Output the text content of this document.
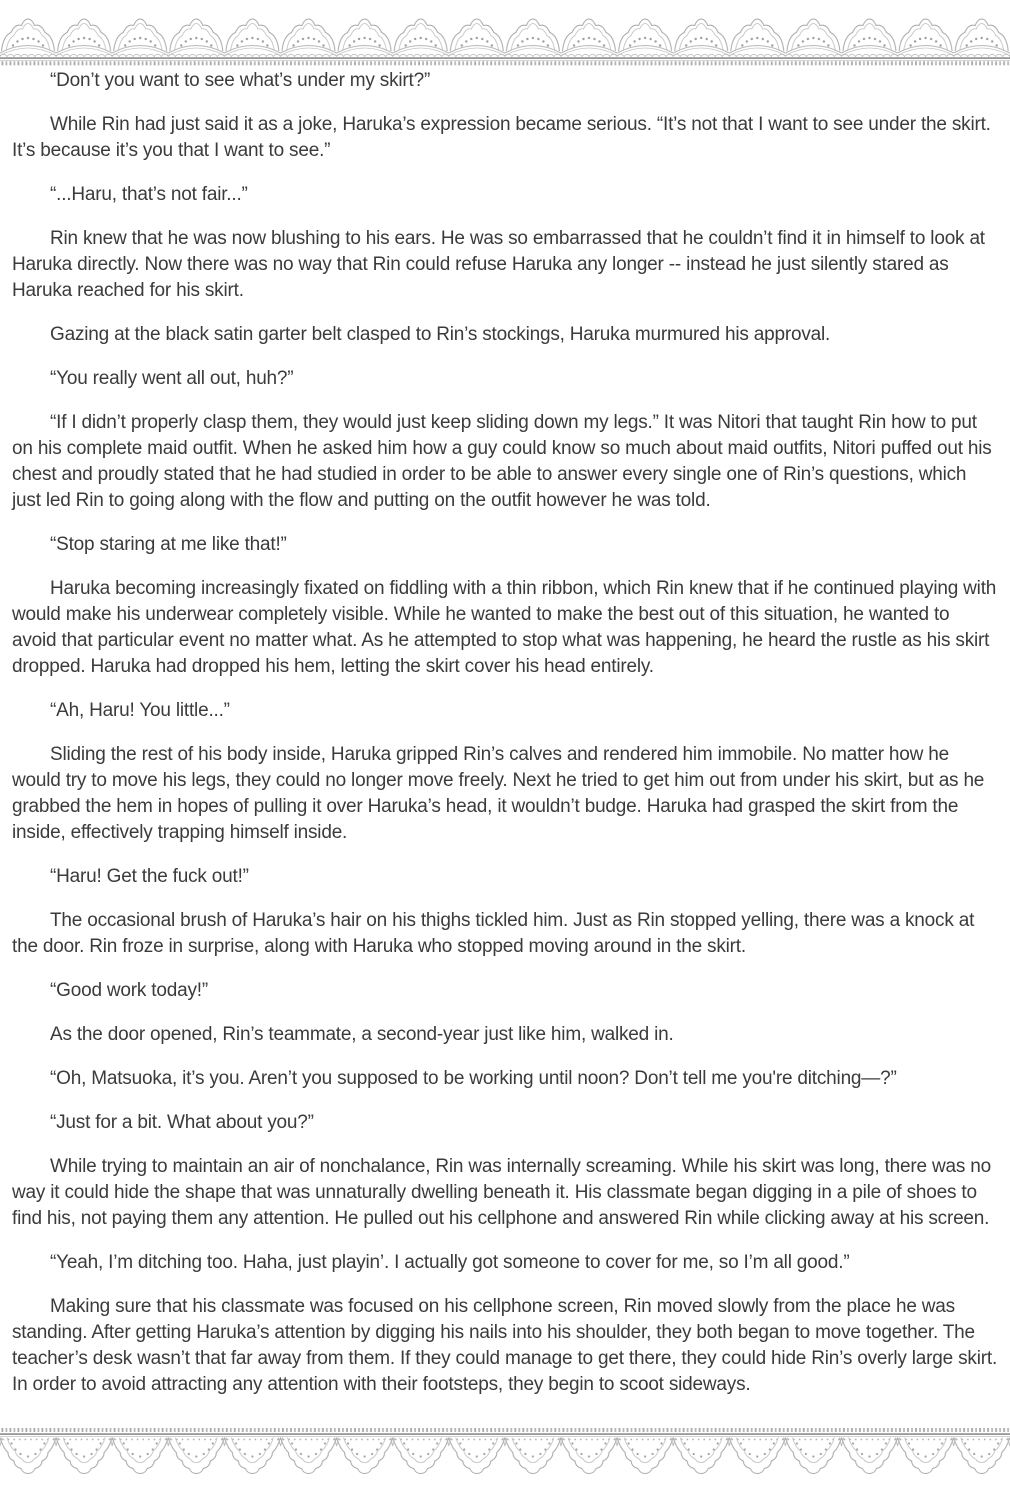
“Don’t you want to see what’s under my skirt?”

While Rin had just said it as a joke, Haruka’s expression became serious. “It’s not that I want to see under the skirt. It’s because it’s you that I want to see.”

“...Haru, that’s not fair...”

Rin knew that he was now blushing to his ears. He was so embarrassed that he couldn’t find it in himself to look at Haruka directly. Now there was no way that Rin could refuse Haruka any longer -- instead he just silently stared as Haruka reached for his skirt.

Gazing at the black satin garter belt clasped to Rin’s stockings, Haruka murmured his approval.

“You really went all out, huh?”

“If I didn’t properly clasp them, they would just keep sliding down my legs.” It was Nitori that taught Rin how to put on his complete maid outfit. When he asked him how a guy could know so much about maid outfits, Nitori puffed out his chest and proudly stated that he had studied in order to be able to answer every single one of Rin’s questions, which just led Rin to going along with the flow and putting on the outfit however he was told.

“Stop staring at me like that!”

Haruka becoming increasingly fixated on fiddling with a thin ribbon, which Rin knew that if he continued playing with would make his underwear completely visible. While he wanted to make the best out of this situation, he wanted to avoid that particular event no matter what. As he attempted to stop what was happening, he heard the rustle as his skirt dropped. Haruka had dropped his hem, letting the skirt cover his head entirely.

“Ah, Haru! You little...”

Sliding the rest of his body inside, Haruka gripped Rin’s calves and rendered him immobile. No matter how he would try to move his legs, they could no longer move freely. Next he tried to get him out from under his skirt, but as he grabbed the hem in hopes of pulling it over Haruka’s head, it wouldn’t budge. Haruka had grasped the skirt from the inside, effectively trapping himself inside.

“Haru! Get the fuck out!”

The occasional brush of Haruka’s hair on his thighs tickled him. Just as Rin stopped yelling, there was a knock at the door. Rin froze in surprise, along with Haruka who stopped moving around in the skirt.

“Good work today!”

As the door opened, Rin’s teammate, a second-year just like him, walked in.

“Oh, Matsuoka, it’s you. Aren’t you supposed to be working until noon? Don’t tell me you're ditching—?”

“Just for a bit. What about you?”

While trying to maintain an air of nonchalance, Rin was internally screaming. While his skirt was long, there was no way it could hide the shape that was unnaturally dwelling beneath it. His classmate began digging in a pile of shoes to find his, not paying them any attention. He pulled out his cellphone and answered Rin while clicking away at his screen.

“Yeah, I’m ditching too. Haha, just playin’. I actually got someone to cover for me, so I’m all good.”

Making sure that his classmate was focused on his cellphone screen, Rin moved slowly from the place he was standing. After getting Haruka’s attention by digging his nails into his shoulder, they both began to move together. The teacher’s desk wasn’t that far away from them. If they could manage to get there, they could hide Rin’s overly large skirt. In order to avoid attracting any attention with their footsteps, they begin to scoot sideways.
